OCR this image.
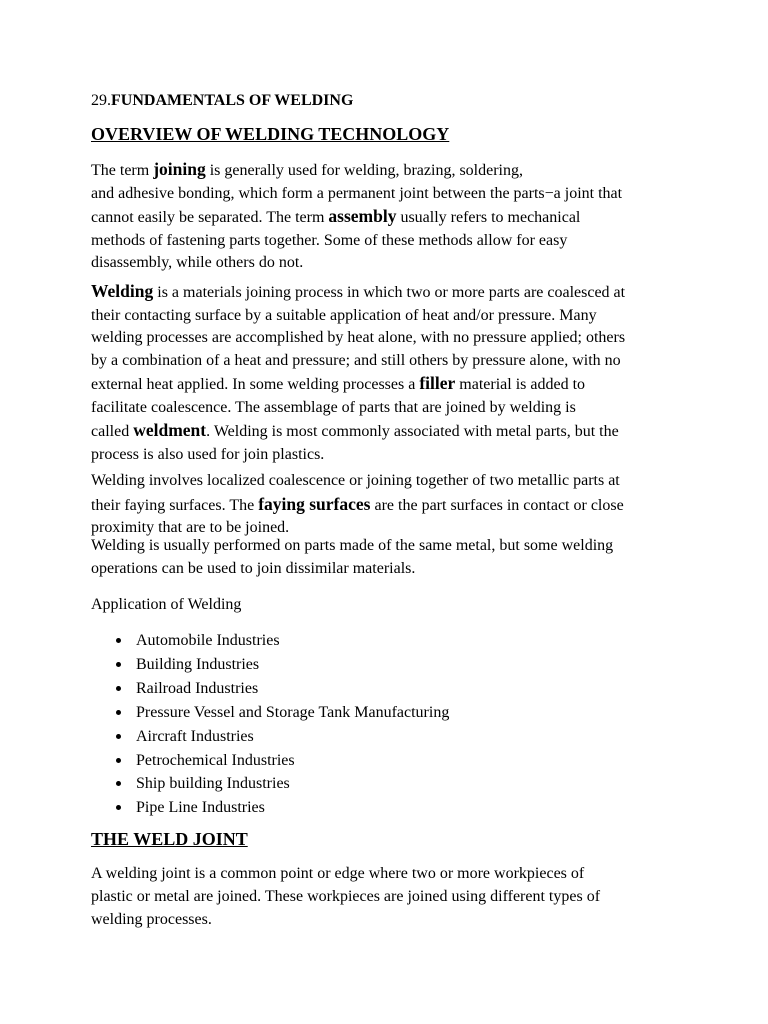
29.FUNDAMENTALS OF WELDING
OVERVIEW OF WELDING TECHNOLOGY
The term joining is generally used for welding, brazing, soldering,
and adhesive bonding, which form a permanent joint between the parts−a joint that
cannot easily be separated. The term assembly usually refers to mechanical
methods of fastening parts together. Some of these methods allow for easy
disassembly, while others do not.
Welding is a materials joining process in which two or more parts are coalesced at
their contacting surface by a suitable application of heat and/or pressure. Many
welding processes are accomplished by heat alone, with no pressure applied; others
by a combination of a heat and pressure; and still others by pressure alone, with no
external heat applied. In some welding processes a filler material is added to
facilitate coalescence. The assemblage of parts that are joined by welding is
called weldment. Welding is most commonly associated with metal parts, but the
process is also used for join plastics.
Welding involves localized coalescence or joining together of two metallic parts at
their faying surfaces. The faying surfaces are the part surfaces in contact or close
proximity that are to be joined.
Welding is usually performed on parts made of the same metal, but some welding
operations can be used to join dissimilar materials.
Application of Welding
Automobile Industries
Building Industries
Railroad Industries
Pressure Vessel and Storage Tank Manufacturing
Aircraft Industries
Petrochemical Industries
Ship building Industries
Pipe Line Industries
THE WELD JOINT
A welding joint is a common point or edge where two or more workpieces of
plastic or metal are joined. These workpieces are joined using different types of
welding processes.
